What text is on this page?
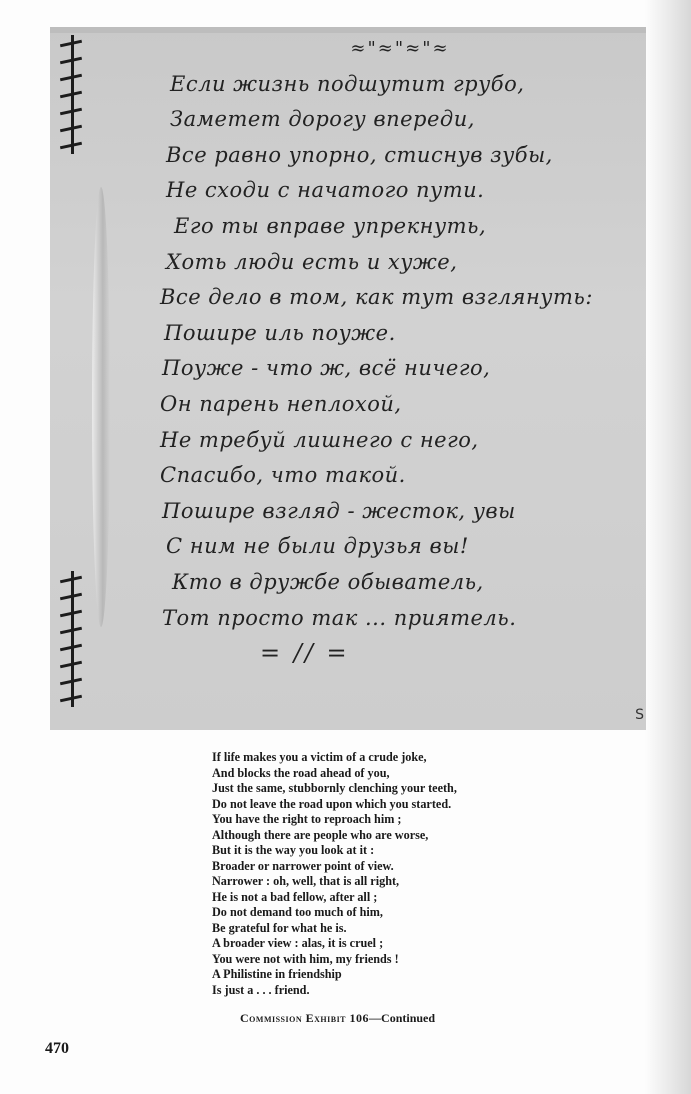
≈"≈"≈"≈
Если жизнь подшутит грубо,
Заметет дорогу впереди,
Все равно упорно, стиснув зубы,
Не сходи с начатого пути.
Его ты вправе упрекнуть,
Хоть люди есть и хуже,
Все дело в том, как тут взглянуть:
Пошире иль поуже.
Поуже - что ж, всё ничего,
Он парень неплохой,
Не требуй лишнего с него,
Спасибо, что такой.
Пошире взгляд - жесток, увы
С ним не были друзья вы!
Кто в дружбе обыватель,
Тот просто так ... приятель.
= // =
S
If life makes you a victim of a crude joke,
And blocks the road ahead of you,
Just the same, stubbornly clenching your teeth,
Do not leave the road upon which you started.
You have the right to reproach him ;
Although there are people who are worse,
But it is the way you look at it :
Broader or narrower point of view.
Narrower : oh, well, that is all right,
He is not a bad fellow, after all ;
Do not demand too much of him,
Be grateful for what he is.
A broader view : alas, it is cruel ;
You were not with him, my friends !
A Philistine in friendship
Is just a . . . friend.
Commission Exhibit 106—Continued
470
